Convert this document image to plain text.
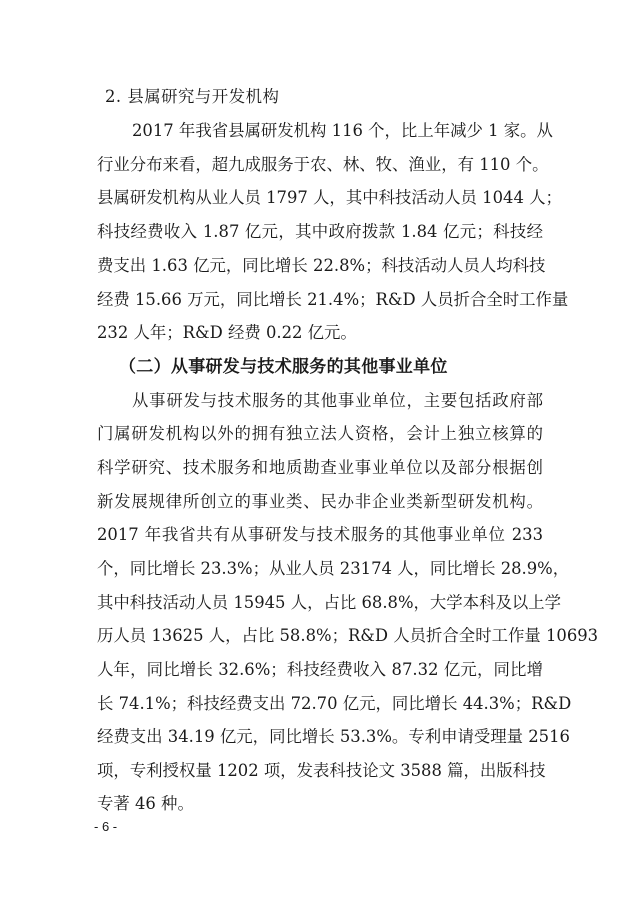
2. 县属研究与开发机构
2017 年我省县属研发机构 116 个，比上年减少 1 家。从
行业分布来看，超九成服务于农、林、牧、渔业，有 110 个。
县属研发机构从业人员 1797 人，其中科技活动人员 1044 人；
科技经费收入 1.87 亿元，其中政府拨款 1.84 亿元；科技经
费支出 1.63 亿元，同比增长 22.8%；科技活动人员人均科技
经费 15.66 万元，同比增长 21.4%；R&D 人员折合全时工作量
232 人年；R&D 经费 0.22 亿元。
（二）从事研发与技术服务的其他事业单位
从事研发与技术服务的其他事业单位，主要包括政府部
门属研发机构以外的拥有独立法人资格，会计上独立核算的
科学研究、技术服务和地质勘查业事业单位以及部分根据创
新发展规律所创立的事业类、民办非企业类新型研发机构。
2017 年我省共有从事研发与技术服务的其他事业单位 233
个，同比增长 23.3%；从业人员 23174 人，同比增长 28.9%，
其中科技活动人员 15945 人，占比 68.8%，大学本科及以上学
历人员 13625 人，占比 58.8%；R&D 人员折合全时工作量 10693
人年，同比增长 32.6%；科技经费收入 87.32 亿元，同比增
长 74.1%；科技经费支出 72.70 亿元，同比增长 44.3%；R&D
经费支出 34.19 亿元，同比增长 53.3%。专利申请受理量 2516
项，专利授权量 1202 项，发表科技论文 3588 篇，出版科技
专著 46 种。
- 6 -
